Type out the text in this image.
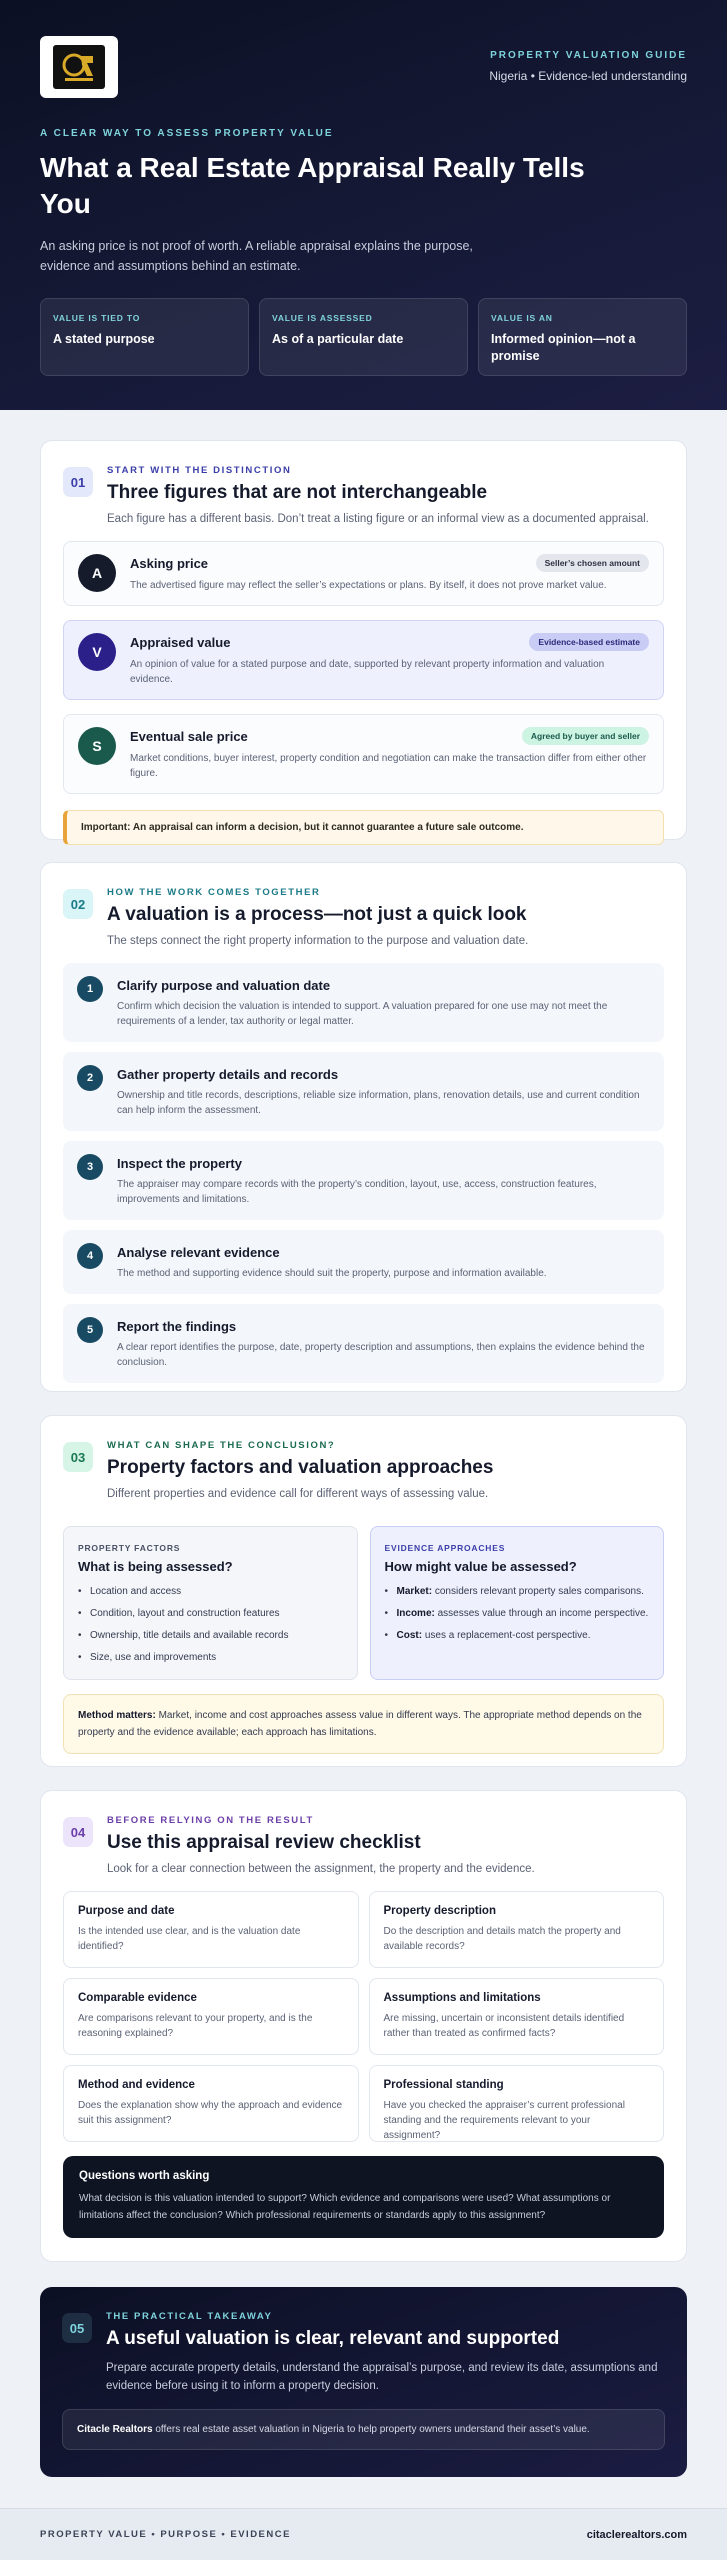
PROPERTY VALUATION GUIDE
Nigeria • Evidence-led understanding
A CLEAR WAY TO ASSESS PROPERTY VALUE
What a Real Estate Appraisal Really Tells You

An asking price is not proof of worth. A reliable appraisal explains the purpose, evidence and assumptions behind an estimate.

VALUE IS TIED TO
A stated purpose
VALUE IS ASSESSED
As of a particular date
VALUE IS AN
Informed opinion—not a promise
01
START WITH THE DISTINCTION
Three figures that are not interchangeable
Each figure has a different basis. Don’t treat a listing figure or an informal view as a documented appraisal.
A
Asking price	Seller’s chosen amount
The advertised figure may reflect the seller’s expectations or plans. By itself, it does not prove market value.
V
Appraised value	Evidence-based estimate
An opinion of value for a stated purpose and date, supported by relevant property information and valuation evidence.
S
Eventual sale price	Agreed by buyer and seller
Market conditions, buyer interest, property condition and negotiation can make the transaction differ from either other figure.
Important: An appraisal can inform a decision, but it cannot guarantee a future sale outcome.
02
HOW THE WORK COMES TOGETHER
A valuation is a process—not just a quick look
The steps connect the right property information to the purpose and valuation date.
1	Clarify purpose and valuation date
Confirm which decision the valuation is intended to support. A valuation prepared for one use may not meet the requirements of a lender, tax authority or legal matter.
2	Gather property details and records
Ownership and title records, descriptions, reliable size information, plans, renovation details, use and current condition can help inform the assessment.
3	Inspect the property
The appraiser may compare records with the property’s condition, layout, use, access, construction features, improvements and limitations.
4	Analyse relevant evidence
The method and supporting evidence should suit the property, purpose and information available.
5	Report the findings
A clear report identifies the purpose, date, property description and assumptions, then explains the evidence behind the conclusion.
03
WHAT CAN SHAPE THE CONCLUSION?
Property factors and valuation approaches
Different properties and evidence call for different ways of assessing value.
PROPERTY FACTORS
What is being assessed?
• Location and access
• Condition, layout and construction features
• Ownership, title details and available records
• Size, use and improvements
EVIDENCE APPROACHES
How might value be assessed?
• Market: considers relevant property sales comparisons.
• Income: assesses value through an income perspective.
• Cost: uses a replacement-cost perspective.
Method matters: Market, income and cost approaches assess value in different ways. The appropriate method depends on the property and the evidence available; each approach has limitations.
04
BEFORE RELYING ON THE RESULT
Use this appraisal review checklist
Look for a clear connection between the assignment, the property and the evidence.
Purpose and date
Is the intended use clear, and is the valuation date identified?
Property description
Do the description and details match the property and available records?
Comparable evidence
Are comparisons relevant to your property, and is the reasoning explained?
Assumptions and limitations
Are missing, uncertain or inconsistent details identified rather than treated as confirmed facts?
Method and evidence
Does the explanation show why the approach and evidence suit this assignment?
Professional standing
Have you checked the appraiser’s current professional standing and the requirements relevant to your assignment?
Questions worth asking
What decision is this valuation intended to support? Which evidence and comparisons were used? What assumptions or limitations affect the conclusion? Which professional requirements or standards apply to this assignment?
05
THE PRACTICAL TAKEAWAY
A useful valuation is clear, relevant and supported
Prepare accurate property details, understand the appraisal’s purpose, and review its date, assumptions and evidence before using it to inform a property decision.
Citacle Realtors offers real estate asset valuation in Nigeria to help property owners understand their asset’s value.
PROPERTY VALUE • PURPOSE • EVIDENCE	citaclerealtors.com
